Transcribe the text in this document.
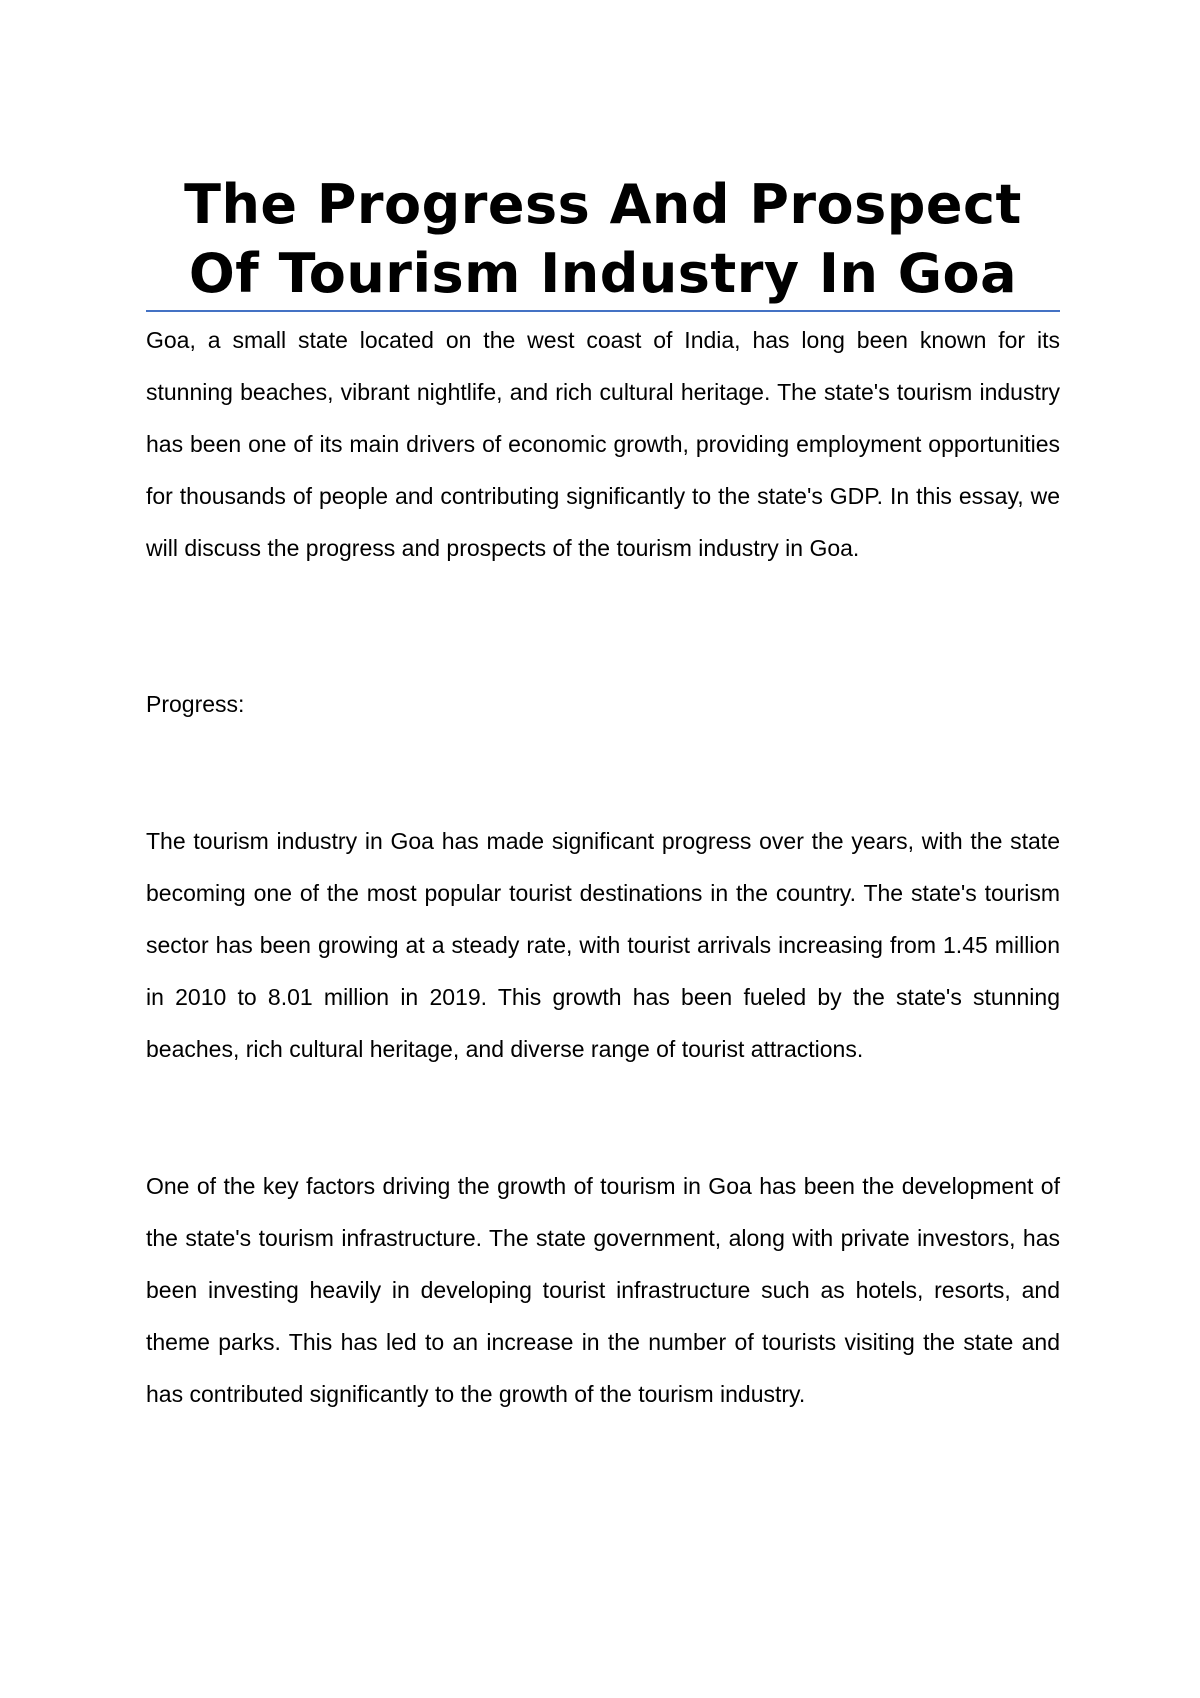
The Progress And Prospect Of Tourism Industry In Goa

Goa, a small state located on the west coast of India, has long been known for its stunning beaches, vibrant nightlife, and rich cultural heritage. The state's tourism industry has been one of its main drivers of economic growth, providing employment opportunities for thousands of people and contributing significantly to the state's GDP. In this essay, we will discuss the progress and prospects of the tourism industry in Goa.

Progress:

The tourism industry in Goa has made significant progress over the years, with the state becoming one of the most popular tourist destinations in the country. The state's tourism sector has been growing at a steady rate, with tourist arrivals increasing from 1.45 million in 2010 to 8.01 million in 2019. This growth has been fueled by the state's stunning beaches, rich cultural heritage, and diverse range of tourist attractions.

One of the key factors driving the growth of tourism in Goa has been the development of the state's tourism infrastructure. The state government, along with private investors, has been investing heavily in developing tourist infrastructure such as hotels, resorts, and theme parks. This has led to an increase in the number of tourists visiting the state and has contributed significantly to the growth of the tourism industry.
